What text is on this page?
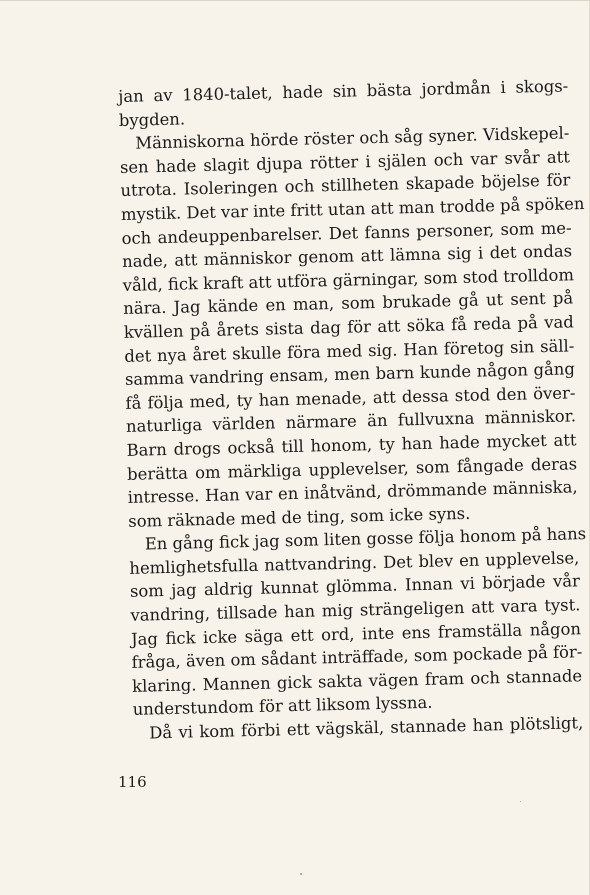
jan av 1840-talet, hade sin bästa jordmån i skogs-
bygden.
Människorna hörde röster och såg syner. Vidskepel-
sen hade slagit djupa rötter i själen och var svår att
utrota. Isoleringen och stillheten skapade böjelse för
mystik. Det var inte fritt utan att man trodde på spöken
och andeuppenbarelser. Det fanns personer, som me-
nade, att människor genom att lämna sig i det ondas
våld, fick kraft att utföra gärningar, som stod trolldom
nära. Jag kände en man, som brukade gå ut sent på
kvällen på årets sista dag för att söka få reda på vad
det nya året skulle föra med sig. Han företog sin säll-
samma vandring ensam, men barn kunde någon gång
få följa med, ty han menade, att dessa stod den över-
naturliga världen närmare än fullvuxna människor.
Barn drogs också till honom, ty han hade mycket att
berätta om märkliga upplevelser, som fångade deras
intresse. Han var en inåtvänd, drömmande människa,
som räknade med de ting, som icke syns.
En gång fick jag som liten gosse följa honom på hans
hemlighetsfulla nattvandring. Det blev en upplevelse,
som jag aldrig kunnat glömma. Innan vi började vår
vandring, tillsade han mig strängeligen att vara tyst.
Jag fick icke säga ett ord, inte ens framställa någon
fråga, även om sådant inträffade, som pockade på för-
klaring. Mannen gick sakta vägen fram och stannade
understundom för att liksom lyssna.
Då vi kom förbi ett vägskäl, stannade han plötsligt,
116
